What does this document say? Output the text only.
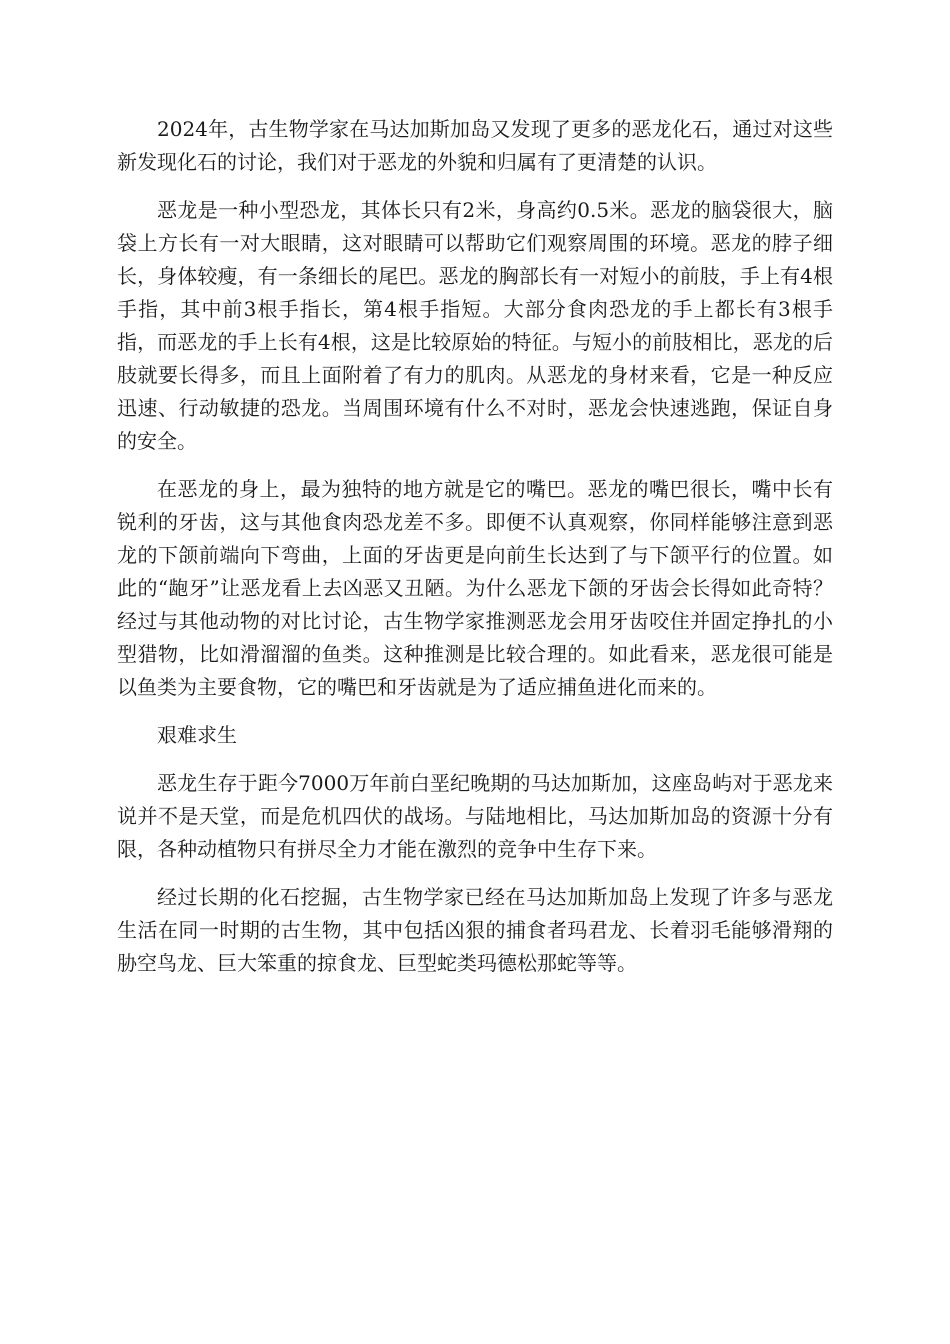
2024年，古生物学家在马达加斯加岛又发现了更多的恶龙化石，通过对这些新发现化石的讨论，我们对于恶龙的外貌和归属有了更清楚的认识。

恶龙是一种小型恐龙，其体长只有2米，身高约0.5米。恶龙的脑袋很大，脑袋上方长有一对大眼睛，这对眼睛可以帮助它们观察周围的环境。恶龙的脖子细长，身体较瘦，有一条细长的尾巴。恶龙的胸部长有一对短小的前肢，手上有4根手指，其中前3根手指长，第4根手指短。大部分食肉恐龙的手上都长有3根手指，而恶龙的手上长有4根，这是比较原始的特征。与短小的前肢相比，恶龙的后肢就要长得多，而且上面附着了有力的肌肉。从恶龙的身材来看，它是一种反应迅速、行动敏捷的恐龙。当周围环境有什么不对时，恶龙会快速逃跑，保证自身的安全。

在恶龙的身上，最为独特的地方就是它的嘴巴。恶龙的嘴巴很长，嘴中长有锐利的牙齿，这与其他食肉恐龙差不多。即便不认真观察，你同样能够注意到恶龙的下颌前端向下弯曲，上面的牙齿更是向前生长达到了与下颌平行的位置。如此的“龅牙”让恶龙看上去凶恶又丑陋。为什么恶龙下颌的牙齿会长得如此奇特？经过与其他动物的对比讨论，古生物学家推测恶龙会用牙齿咬住并固定挣扎的小型猎物，比如滑溜溜的鱼类。这种推测是比较合理的。如此看来，恶龙很可能是以鱼类为主要食物，它的嘴巴和牙齿就是为了适应捕鱼进化而来的。

艰难求生

恶龙生存于距今7000万年前白垩纪晚期的马达加斯加，这座岛屿对于恶龙来说并不是天堂，而是危机四伏的战场。与陆地相比，马达加斯加岛的资源十分有限，各种动植物只有拼尽全力才能在激烈的竞争中生存下来。

经过长期的化石挖掘，古生物学家已经在马达加斯加岛上发现了许多与恶龙生活在同一时期的古生物，其中包括凶狠的捕食者玛君龙、长着羽毛能够滑翔的胁空鸟龙、巨大笨重的掠食龙、巨型蛇类玛德松那蛇等等。
